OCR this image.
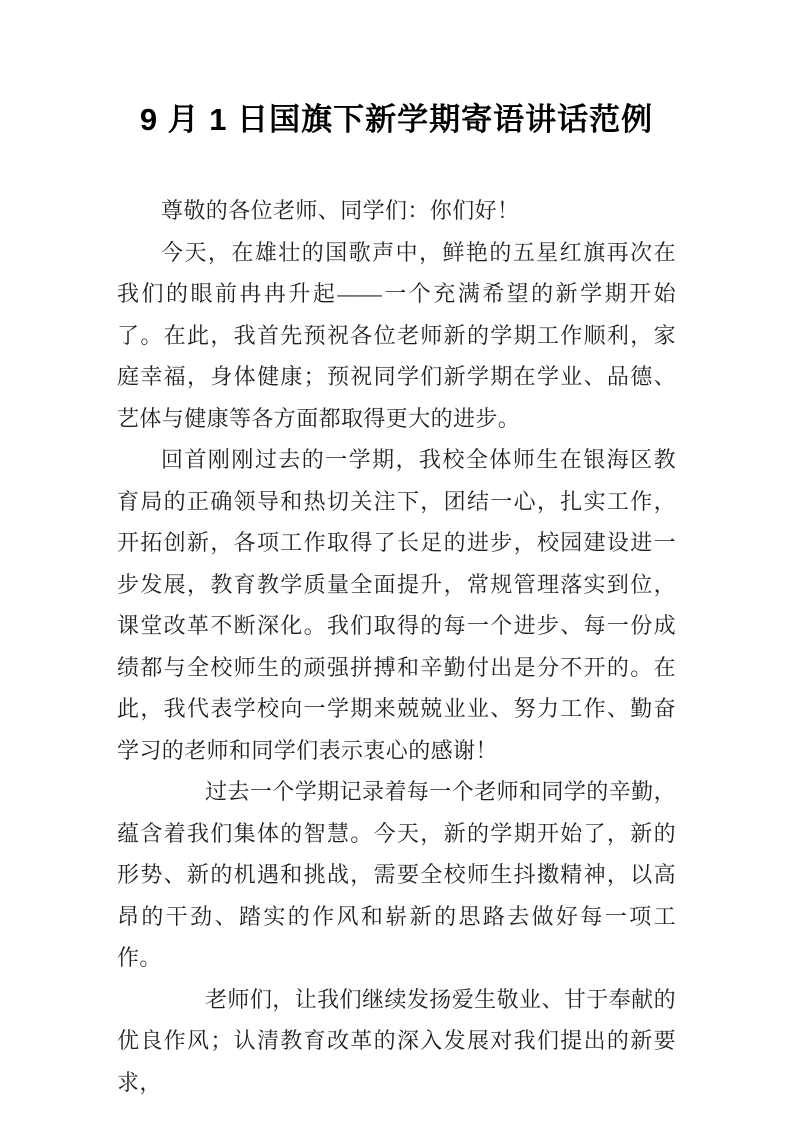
9 月 1 日国旗下新学期寄语讲话范例

尊敬的各位老师、同学们：你们好！

今天，在雄壮的国歌声中，鲜艳的五星红旗再次在我们的眼前冉冉升起——一个充满希望的新学期开始了。在此，我首先预祝各位老师新的学期工作顺利，家庭幸福，身体健康；预祝同学们新学期在学业、品德、艺体与健康等各方面都取得更大的进步。

回首刚刚过去的一学期，我校全体师生在银海区教育局的正确领导和热切关注下，团结一心，扎实工作，开拓创新，各项工作取得了长足的进步，校园建设进一步发展，教育教学质量全面提升，常规管理落实到位，课堂改革不断深化。我们取得的每一个进步、每一份成绩都与全校师生的顽强拼搏和辛勤付出是分不开的。在此，我代表学校向一学期来兢兢业业、努力工作、勤奋学习的老师和同学们表示衷心的感谢！

过去一个学期记录着每一个老师和同学的辛勤，蕴含着我们集体的智慧。今天，新的学期开始了，新的形势、新的机遇和挑战，需要全校师生抖擞精神，以高昂的干劲、踏实的作风和崭新的思路去做好每一项工作。

老师们，让我们继续发扬爱生敬业、甘于奉献的优良作风；认清教育改革的深入发展对我们提出的新要求，
